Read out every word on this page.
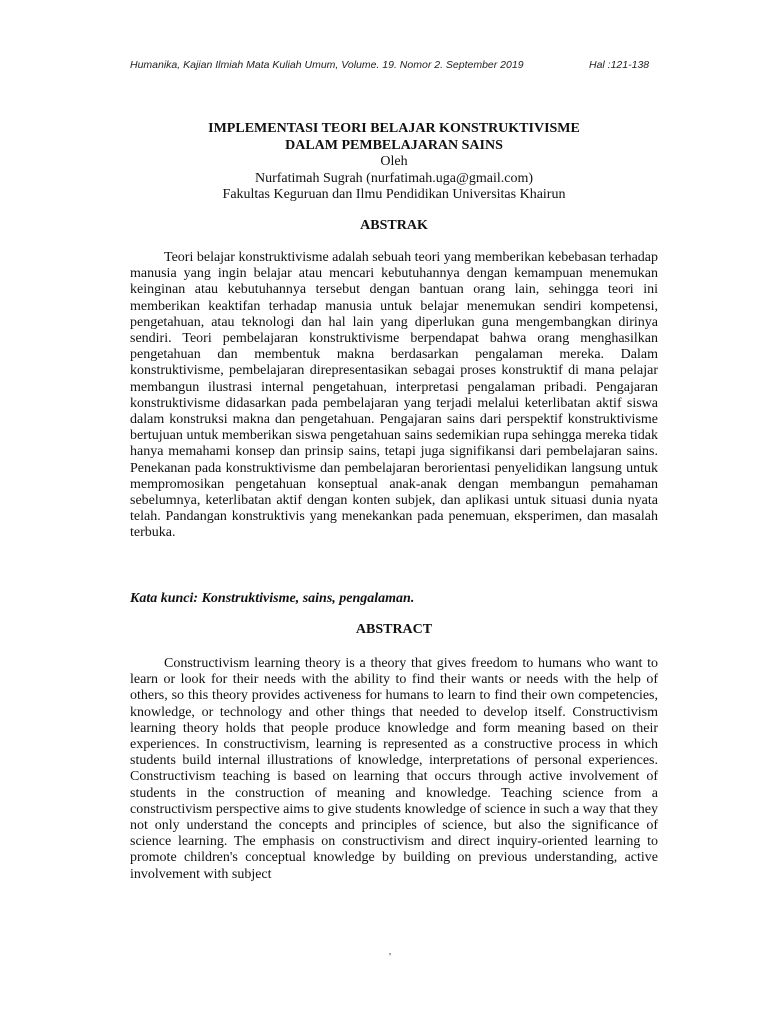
Humanika, Kajian Ilmiah Mata Kuliah Umum, Volume. 19. Nomor 2. September 2019	Hal :121-138
IMPLEMENTASI TEORI BELAJAR KONSTRUKTIVISME
DALAM PEMBELAJARAN SAINS
Oleh
Nurfatimah Sugrah (nurfatimah.uga@gmail.com)
Fakultas Keguruan dan Ilmu Pendidikan Universitas Khairun
ABSTRAK

Teori belajar konstruktivisme adalah sebuah teori yang memberikan kebebasan terhadap manusia yang ingin belajar atau mencari kebutuhannya dengan kemampuan menemukan keinginan atau kebutuhannya tersebut dengan bantuan orang lain, sehingga teori ini memberikan keaktifan terhadap manusia untuk belajar menemukan sendiri kompetensi, pengetahuan, atau teknologi dan hal lain yang diperlukan guna mengembangkan dirinya sendiri. Teori pembelajaran konstruktivisme berpendapat bahwa orang menghasilkan pengetahuan dan membentuk makna berdasarkan pengalaman mereka. Dalam konstruktivisme, pembelajaran direpresentasikan sebagai proses konstruktif di mana pelajar membangun ilustrasi internal pengetahuan, interpretasi pengalaman pribadi. Pengajaran konstruktivisme didasarkan pada pembelajaran yang terjadi melalui keterlibatan aktif siswa dalam konstruksi makna dan pengetahuan. Pengajaran sains dari perspektif konstruktivisme bertujuan untuk memberikan siswa pengetahuan sains sedemikian rupa sehingga mereka tidak hanya memahami konsep dan prinsip sains, tetapi juga signifikansi dari pembelajaran sains. Penekanan pada konstruktivisme dan pembelajaran berorientasi penyelidikan langsung untuk mempromosikan pengetahuan konseptual anak-anak dengan membangun pemahaman sebelumnya, keterlibatan aktif dengan konten subjek, dan aplikasi untuk situasi dunia nyata telah. Pandangan konstruktivis yang menekankan pada penemuan, eksperimen, dan masalah terbuka.

Kata kunci: Konstruktivisme, sains, pengalaman.
ABSTRACT

Constructivism learning theory is a theory that gives freedom to humans who want to learn or look for their needs with the ability to find their wants or needs with the help of others, so this theory provides activeness for humans to learn to find their own competencies, knowledge, or technology and other things that needed to develop itself. Constructivism learning theory holds that people produce knowledge and form meaning based on their experiences. In constructivism, learning is represented as a constructive process in which students build internal illustrations of knowledge, interpretations of personal experiences. Constructivism teaching is based on learning that occurs through active involvement of students in the construction of meaning and knowledge. Teaching science from a constructivism perspective aims to give students knowledge of science in such a way that they not only understand the concepts and principles of science, but also the significance of science learning. The emphasis on constructivism and direct inquiry-oriented learning to promote children's conceptual knowledge by building on previous understanding, active involvement with subject

'
